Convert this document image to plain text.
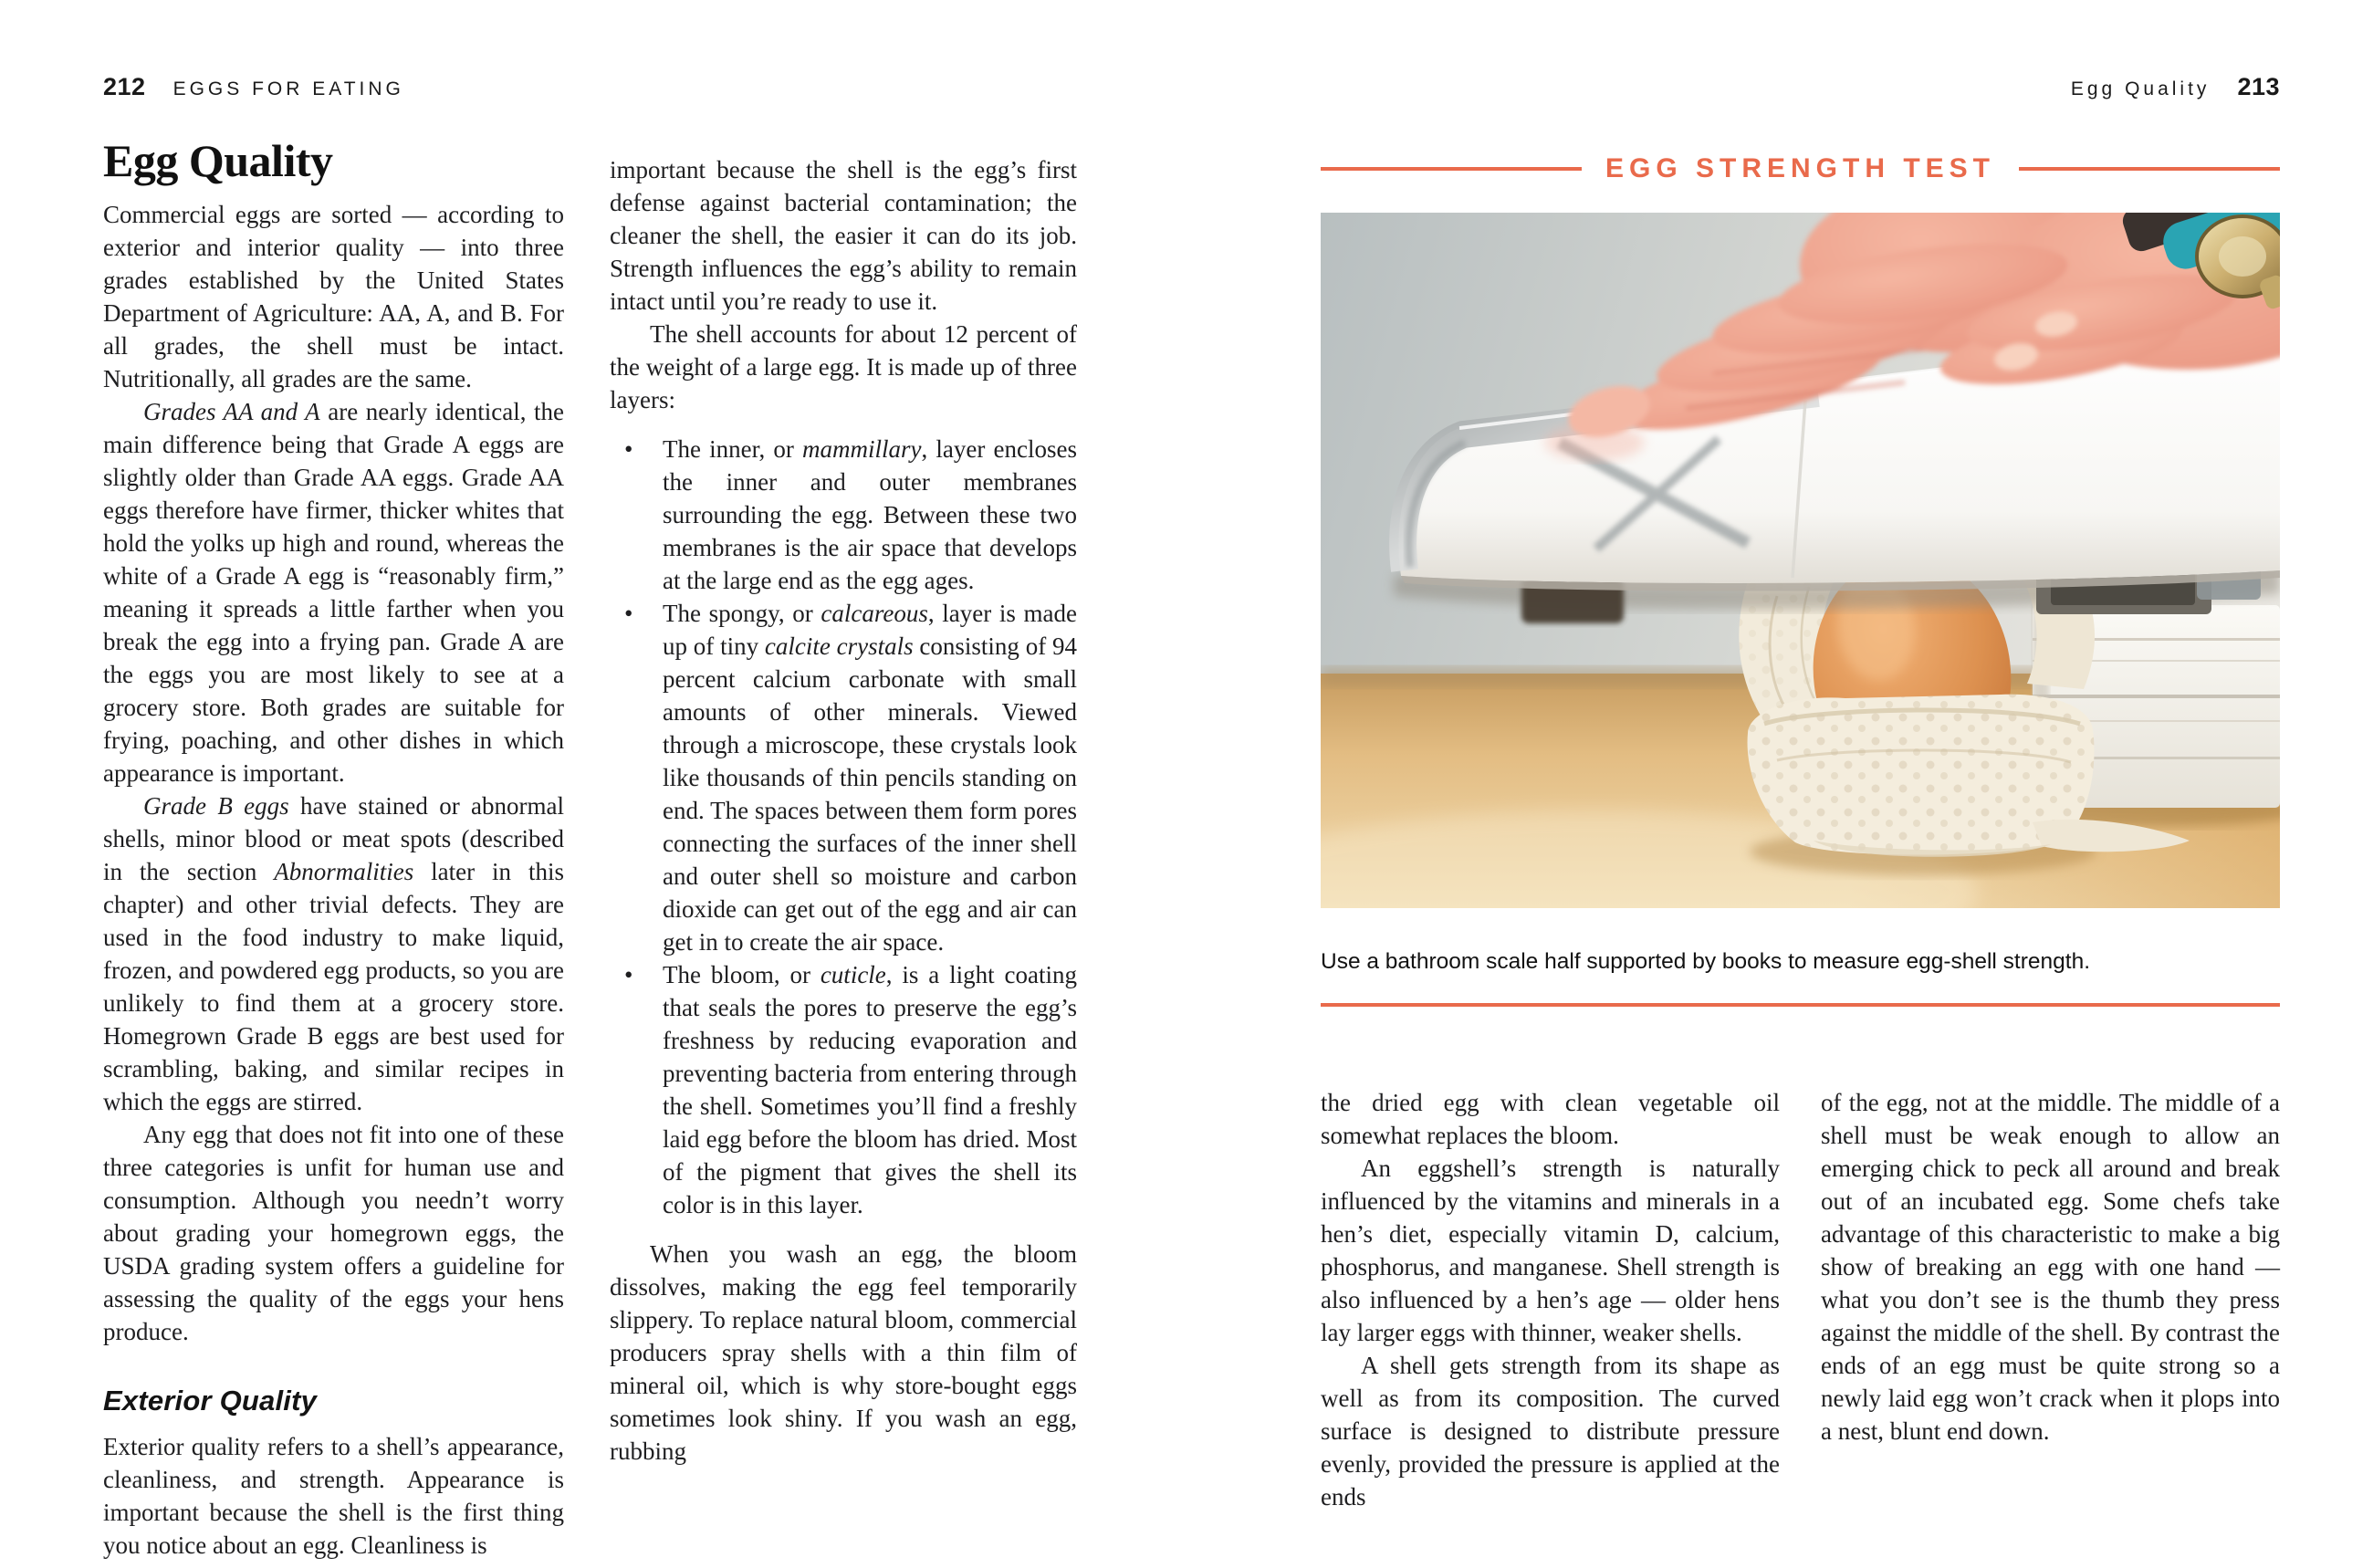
212 EGGS FOR EATING
Egg Quality

Commercial eggs are sorted — according to exterior and interior quality — into three grades established by the United States Department of Agriculture: AA, A, and B. For all grades, the shell must be intact. Nutritionally, all grades are the same.

Grades AA and A are nearly identical, the main difference being that Grade A eggs are slightly older than Grade AA eggs. Grade AA eggs therefore have firmer, thicker whites that hold the yolks up high and round, whereas the white of a Grade A egg is “reasonably firm,” meaning it spreads a little farther when you break the egg into a frying pan. Grade A are the eggs you are most likely to see at a grocery store. Both grades are suitable for frying, poaching, and other dishes in which appearance is important.

Grade B eggs have stained or abnormal shells, minor blood or meat spots (described in the section Abnormalities later in this chapter) and other trivial defects. They are used in the food industry to make liquid, frozen, and powdered egg products, so you are unlikely to find them at a grocery store. Homegrown Grade B eggs are best used for scrambling, baking, and similar recipes in which the eggs are stirred.

Any egg that does not fit into one of these three categories is unfit for human use and consumption. Although you needn’t worry about grading your homegrown eggs, the USDA grading system offers a guideline for assessing the quality of the eggs your hens produce.

Exterior Quality

Exterior quality refers to a shell’s appearance, cleanliness, and strength. Appearance is important because the shell is the first thing you notice about an egg. Cleanliness is

important because the shell is the egg’s first defense against bacterial contamination; the cleaner the shell, the easier it can do its job. Strength influences the egg’s ability to remain intact until you’re ready to use it.

The shell accounts for about 12 percent of the weight of a large egg. It is made up of three layers:

• The inner, or mammillary, layer encloses the inner and outer membranes surrounding the egg. Between these two membranes is the air space that develops at the large end as the egg ages.
• The spongy, or calcareous, layer is made up of tiny calcite crystals consisting of 94 percent calcium carbonate with small amounts of other minerals. Viewed through a microscope, these crystals look like thousands of thin pencils standing on end. The spaces between them form pores connecting the surfaces of the inner shell and outer shell so moisture and carbon dioxide can get out of the egg and air can get in to create the air space.
• The bloom, or cuticle, is a light coating that seals the pores to preserve the egg’s freshness by reducing evaporation and preventing bacteria from entering through the shell. Sometimes you’ll find a freshly laid egg before the bloom has dried. Most of the pigment that gives the shell its color is in this layer.

When you wash an egg, the bloom dissolves, making the egg feel temporarily slippery. To replace natural bloom, commercial producers spray shells with a thin film of mineral oil, which is why store-bought eggs sometimes look shiny. If you wash an egg, rubbing

Egg Quality 213
EGG STRENGTH TEST
Use a bathroom scale half supported by books to measure egg-shell strength.

the dried egg with clean vegetable oil somewhat replaces the bloom.

An eggshell’s strength is naturally influenced by the vitamins and minerals in a hen’s diet, especially vitamin D, calcium, phosphorus, and manganese. Shell strength is also influenced by a hen’s age — older hens lay larger eggs with thinner, weaker shells.

A shell gets strength from its shape as well as from its composition. The curved surface is designed to distribute pressure evenly, provided the pressure is applied at the ends

of the egg, not at the middle. The middle of a shell must be weak enough to allow an emerging chick to peck all around and break out of an incubated egg. Some chefs take advantage of this characteristic to make a big show of breaking an egg with one hand — what you don’t see is the thumb they press against the middle of the shell. By contrast the ends of an egg must be quite strong so a newly laid egg won’t crack when it plops into a nest, blunt end down.
